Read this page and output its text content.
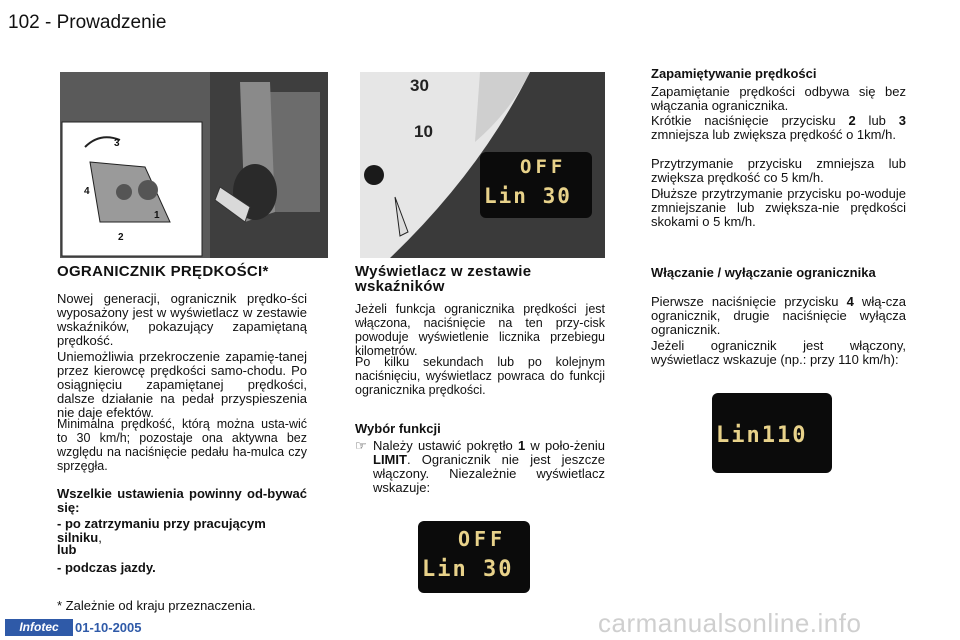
102 - Prowadzenie
3
4
1
2
30
10
OFF
Lin 30
OGRANICZNIK PRĘDKOŚCI*
Nowej generacji, ogranicznik prędko-ści wyposażony jest w wyświetlacz w zestawie wskaźników, pokazujący zapamiętaną prędkość.
Uniemożliwia przekroczenie zapamię-tanej przez kierowcę prędkości samo-chodu. Po osiągnięciu zapamiętanej prędkości, dalsze działanie na pedał przyspieszenia nie daje efektów.
Minimalna prędkość, którą można usta-wić to 30 km/h; pozostaje ona aktywna bez względu na naciśnięcie pedału ha-mulca czy sprzęgła.
Wszelkie ustawienia powinny od-bywać się:
- po zatrzymaniu przy pracującym silniku,
lub
- podczas jazdy.
* Zależnie od kraju przeznaczenia.
Wyświetlacz w zestawie wskaźników
Jeżeli funkcja ogranicznika prędkości jest włączona, naciśnięcie na ten przy-cisk powoduje wyświetlenie licznika przebiegu kilometrów.
Po kilku sekundach lub po kolejnym naciśnięciu, wyświetlacz powraca do funkcji ogranicznika prędkości.
Wybór funkcji
☞ Należy ustawić pokrętło 1 w poło-żeniu LIMIT. Ogranicznik nie jest jeszcze włączony. Niezależnie wyświetlacz wskazuje:
OFF
Lin 30
Zapamiętywanie prędkości
Zapamiętanie prędkości odbywa się bez włączania ogranicznika.
Krótkie naciśnięcie przycisku 2 lub 3 zmniejsza lub zwiększa prędkość o 1km/h.
Przytrzymanie przycisku zmniejsza lub zwiększa prędkość co 5 km/h.
Dłuższe przytrzymanie przycisku po-woduje zmniejszanie lub zwiększa-nie prędkości skokami o 5 km/h.
Włączanie / wyłączanie ogranicznika
Pierwsze naciśnięcie przycisku 4 włą-cza ogranicznik, drugie naciśnięcie wyłącza ogranicznik.
Jeżeli ogranicznik jest włączony, wyświetlacz wskazuje (np.: przy 110 km/h):
Lin110
Infotec	01-10-2005	carmanualsonline.info
